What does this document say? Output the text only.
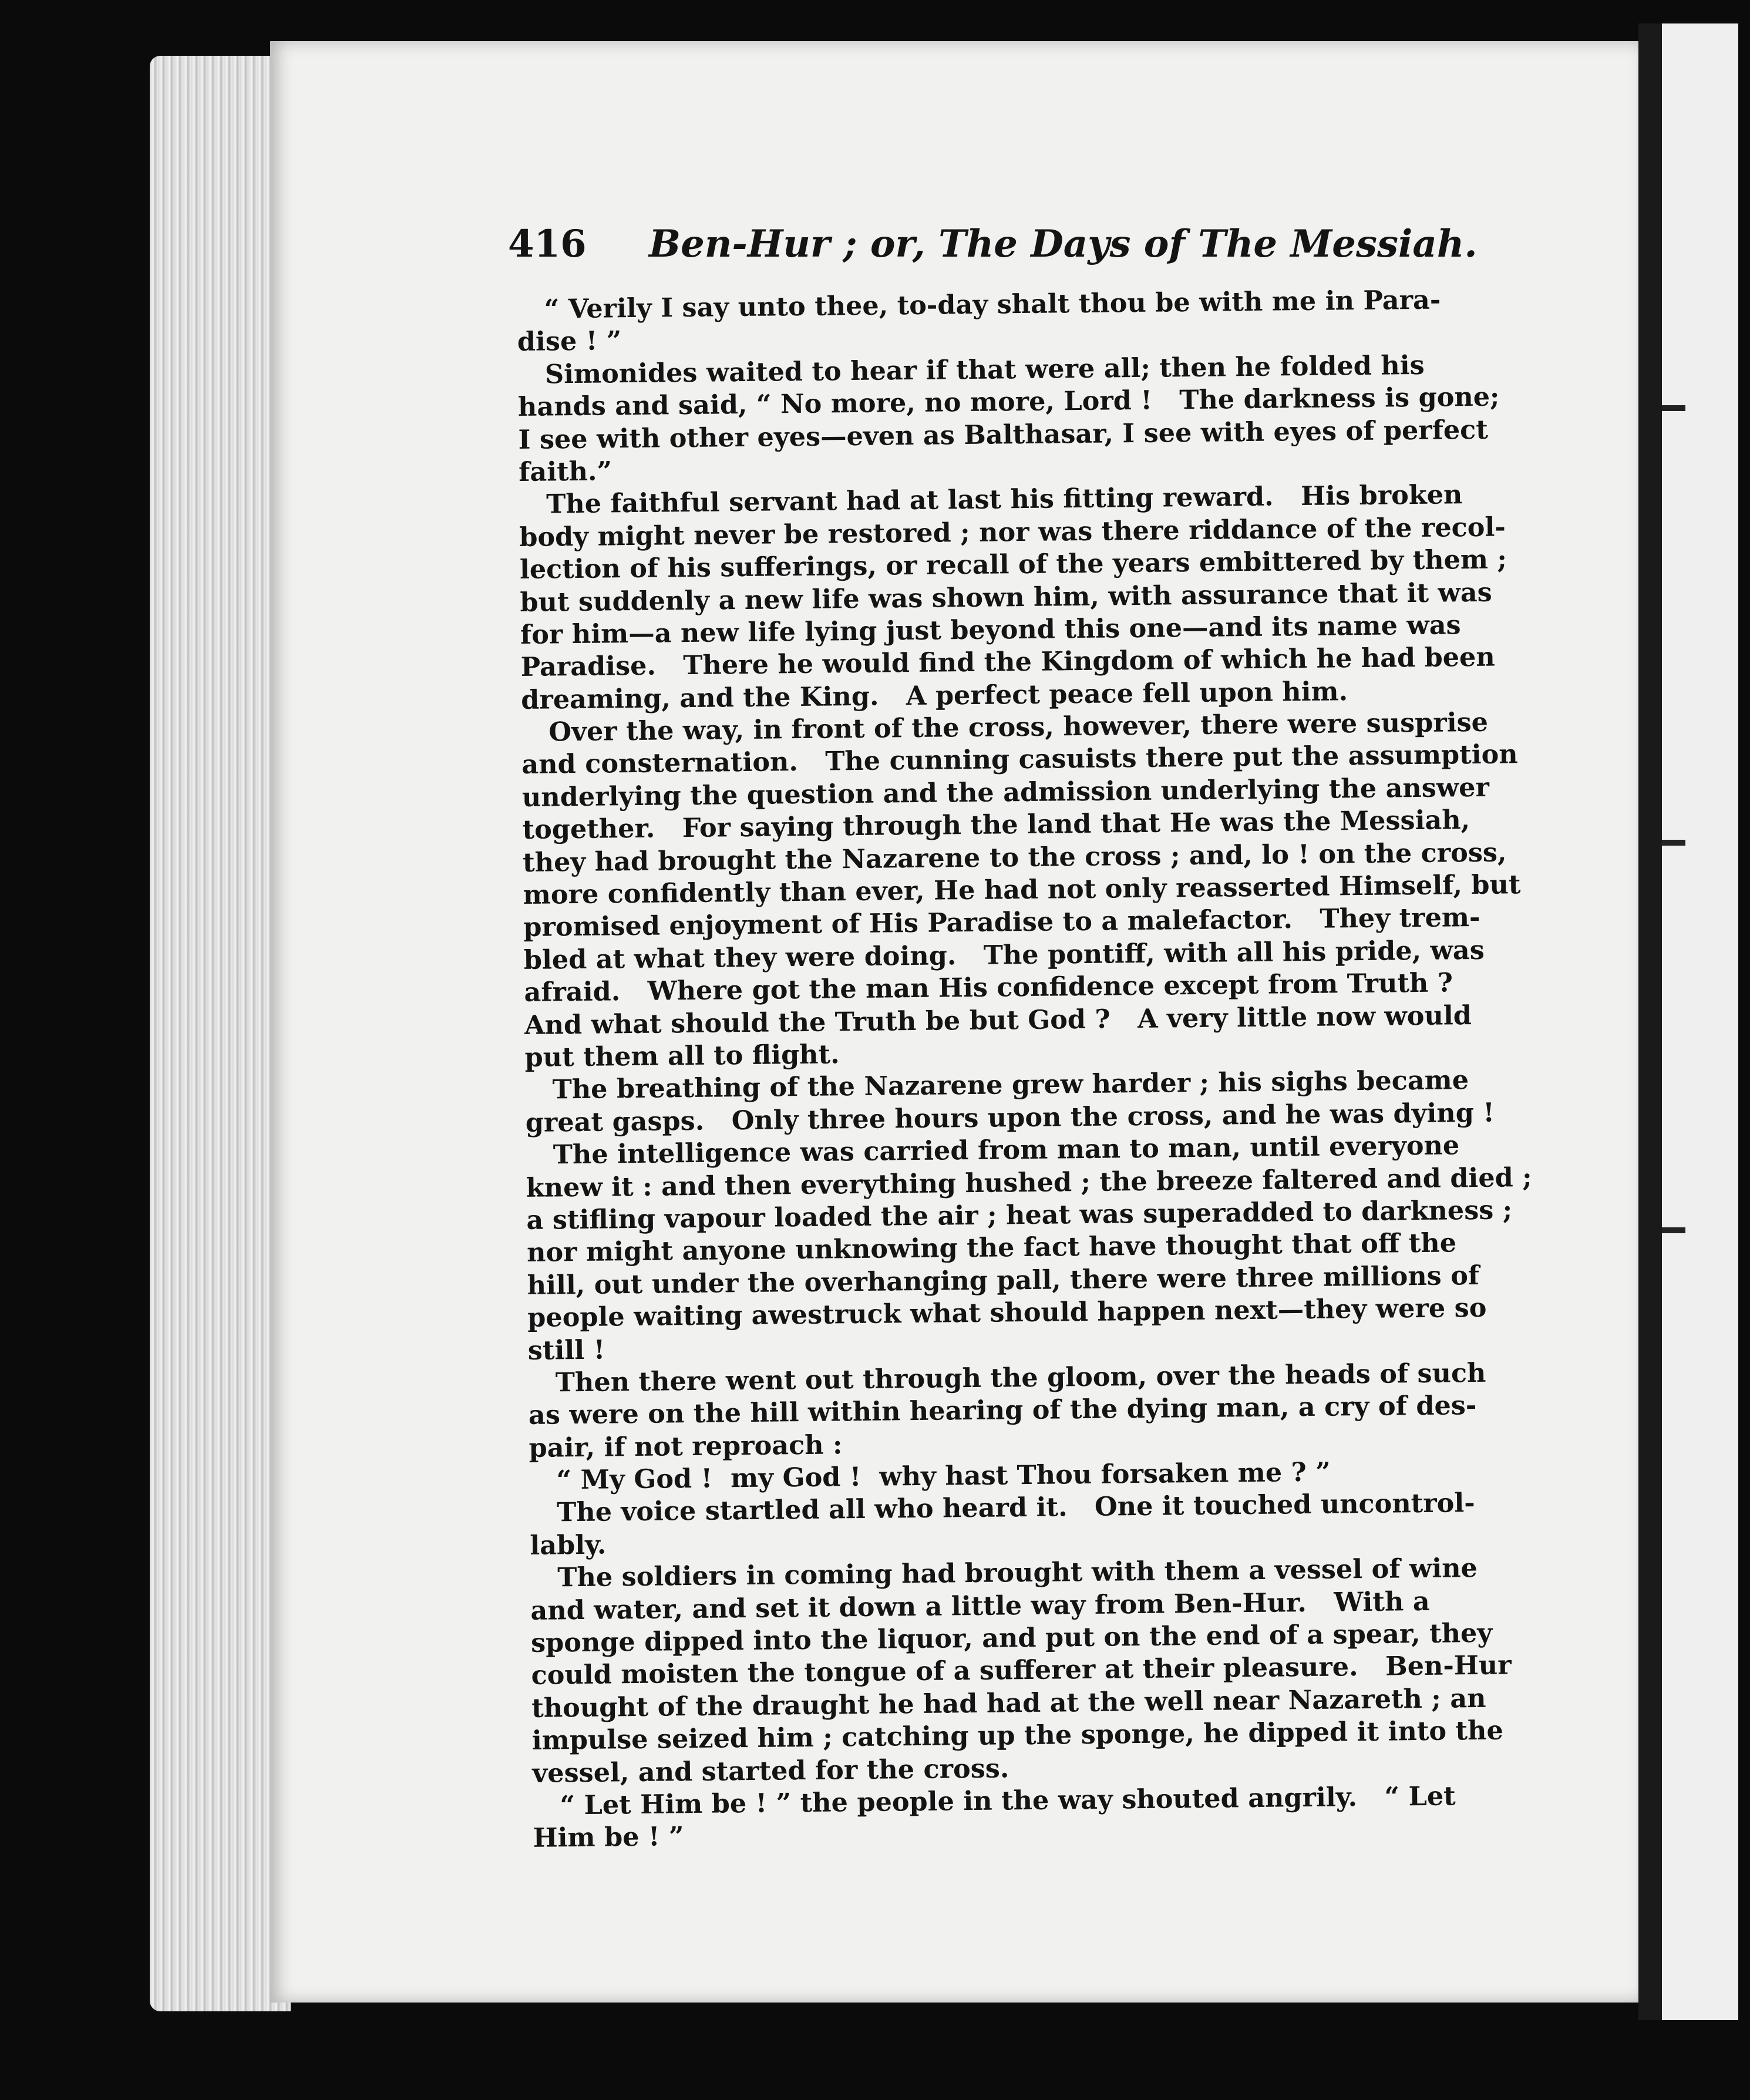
416 Ben-Hur ; or, The Days of The Messiah.
“ Verily I say unto thee, to-day shalt thou be with me in Para-
dise ! ”
Simonides waited to hear if that were all; then he folded his
hands and said, “ No more, no more, Lord !   The darkness is gone;
I see with other eyes—even as Balthasar, I see with eyes of perfect
faith.”
The faithful servant had at last his fitting reward.   His broken
body might never be restored ; nor was there riddance of the recol-
lection of his sufferings, or recall of the years embittered by them ;
but suddenly a new life was shown him, with assurance that it was
for him—a new life lying just beyond this one—and its name was
Paradise.   There he would find the Kingdom of which he had been
dreaming, and the King.   A perfect peace fell upon him.
Over the way, in front of the cross, however, there were susprise
and consternation.   The cunning casuists there put the assumption
underlying the question and the admission underlying the answer
together.   For saying through the land that He was the Messiah,
they had brought the Nazarene to the cross ; and, lo ! on the cross,
more confidently than ever, He had not only reasserted Himself, but
promised enjoyment of His Paradise to a malefactor.   They trem-
bled at what they were doing.   The pontiff, with all his pride, was
afraid.   Where got the man His confidence except from Truth ?
And what should the Truth be but God ?   A very little now would
put them all to flight.
The breathing of the Nazarene grew harder ; his sighs became
great gasps.   Only three hours upon the cross, and he was dying !
The intelligence was carried from man to man, until everyone
knew it : and then everything hushed ; the breeze faltered and died ;
a stifling vapour loaded the air ; heat was superadded to darkness ;
nor might anyone unknowing the fact have thought that off the
hill, out under the overhanging pall, there were three millions of
people waiting awestruck what should happen next—they were so
still !
Then there went out through the gloom, over the heads of such
as were on the hill within hearing of the dying man, a cry of des-
pair, if not reproach :
“ My God !  my God !  why hast Thou forsaken me ? ”
The voice startled all who heard it.   One it touched uncontrol-
lably.
The soldiers in coming had brought with them a vessel of wine
and water, and set it down a little way from Ben-Hur.   With a
sponge dipped into the liquor, and put on the end of a spear, they
could moisten the tongue of a sufferer at their pleasure.   Ben-Hur
thought of the draught he had had at the well near Nazareth ; an
impulse seized him ; catching up the sponge, he dipped it into the
vessel, and started for the cross.
“ Let Him be ! ” the people in the way shouted angrily.   “ Let
Him be ! ”
